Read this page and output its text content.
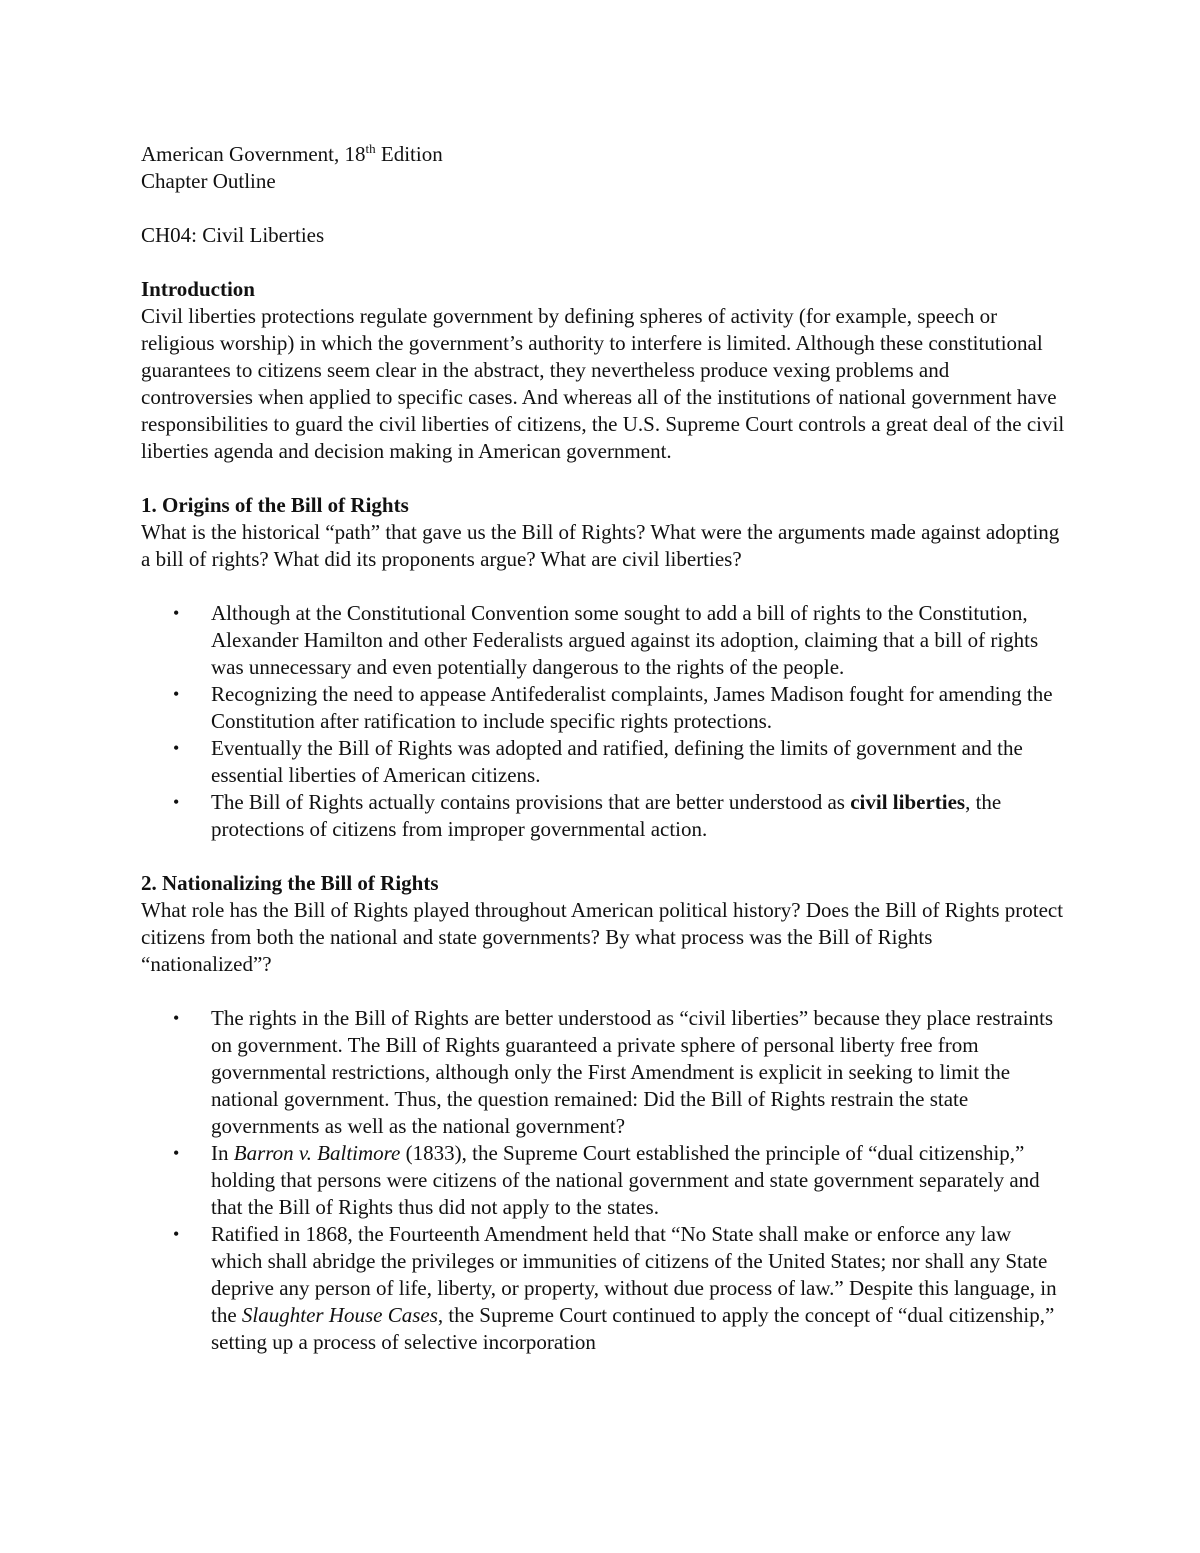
American Government, 18th Edition

Chapter Outline

CH04: Civil Liberties

Introduction

Civil liberties protections regulate government by defining spheres of activity (for example, speech or religious worship) in which the government’s authority to interfere is limited. Although these constitutional guarantees to citizens seem clear in the abstract, they nevertheless produce vexing problems and controversies when applied to specific cases. And whereas all of the institutions of national government have responsibilities to guard the civil liberties of citizens, the U.S. Supreme Court controls a great deal of the civil liberties agenda and decision making in American government.

1. Origins of the Bill of Rights

What is the historical “path” that gave us the Bill of Rights? What were the arguments made against adopting a bill of rights? What did its proponents argue? What are civil liberties?

• Although at the Constitutional Convention some sought to add a bill of rights to the Constitution, Alexander Hamilton and other Federalists argued against its adoption, claiming that a bill of rights was unnecessary and even potentially dangerous to the rights of the people.
• Recognizing the need to appease Antifederalist complaints, James Madison fought for amending the Constitution after ratification to include specific rights protections.
• Eventually the Bill of Rights was adopted and ratified, defining the limits of government and the essential liberties of American citizens.
• The Bill of Rights actually contains provisions that are better understood as civil liberties, the protections of citizens from improper governmental action.
2. Nationalizing the Bill of Rights

What role has the Bill of Rights played throughout American political history? Does the Bill of Rights protect citizens from both the national and state governments? By what process was the Bill of Rights “nationalized”?

• The rights in the Bill of Rights are better understood as “civil liberties” because they place restraints on government. The Bill of Rights guaranteed a private sphere of personal liberty free from governmental restrictions, although only the First Amendment is explicit in seeking to limit the national government. Thus, the question remained: Did the Bill of Rights restrain the state governments as well as the national government?
• In Barron v. Baltimore (1833), the Supreme Court established the principle of “dual citizenship,” holding that persons were citizens of the national government and state government separately and that the Bill of Rights thus did not apply to the states.
• Ratified in 1868, the Fourteenth Amendment held that “No State shall make or enforce any law which shall abridge the privileges or immunities of citizens of the United States; nor shall any State deprive any person of life, liberty, or property, without due process of law.” Despite this language, in the Slaughter House Cases, the Supreme Court continued to apply the concept of “dual citizenship,” setting up a process of selective incorporation
